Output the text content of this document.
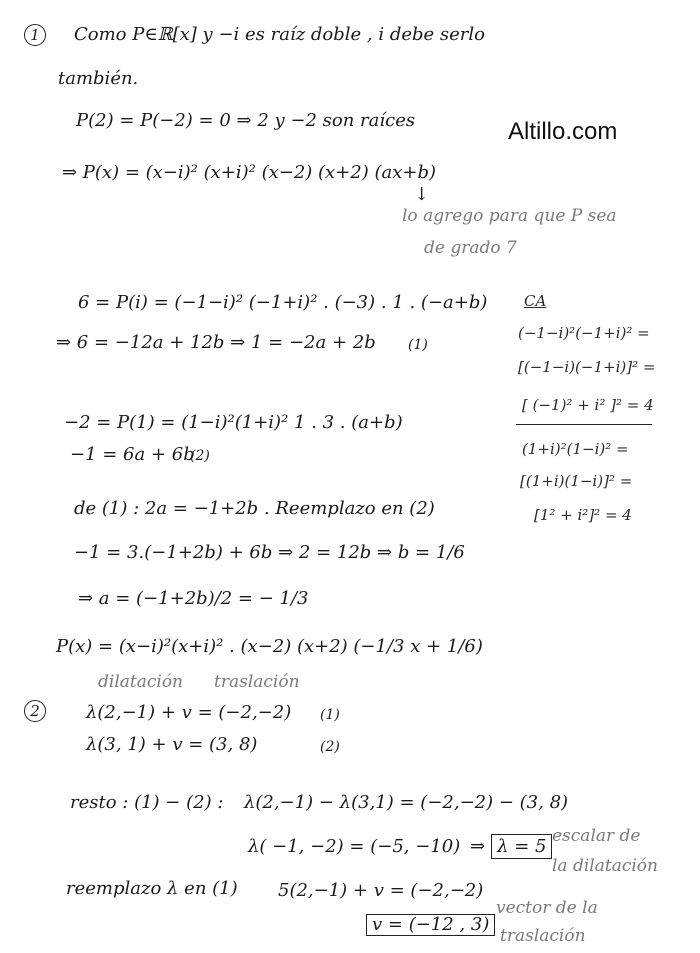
Altillo.com
1	Como P∈ℝ[x] y −i es raíz doble , i debe serlo
también.
P(2) = P(−2) = 0 ⇒ 2 y −2 son raíces
⇒ P(x) = (x−i)² (x+i)² (x−2) (x+2) (ax+b)
↓
lo agrego para que P sea
de grado 7
6 = P(i) = (−1−i)² (−1+i)² . (−3) . 1 . (−a+b)
⇒ 6 = −12a + 12b ⇒ 1 = −2a + 2b (1)
−2 = P(1) = (1−i)²(1+i)² 1 . 3 . (a+b)
−1 = 6a + 6b
(2)
de (1) : 2a = −1+2b . Reemplazo en (2)
−1 = 3.(−1+2b) + 6b ⇒ 2 = 12b ⇒ b = 1/6
⇒ a = (−1+2b)/2 = − 1/3
P(x) = (x−i)²(x+i)² . (x−2) (x+2) (−1/3 x + 1/6)
CA
(−1−i)²(−1+i)² =
[(−1−i)(−1+i)]² =
[ (−1)² + i² ]² = 4
(1+i)²(1−i)² =
[(1+i)(1−i)]² =
[1² + i²]² = 4
2
dilatación traslación
λ(2,−1) + v = (−2,−2) (1)
λ(3, 1) + v = (3, 8)	(2)
resto : (1) − (2) : λ(2,−1) − λ(3,1) = (−2,−2) − (3, 8)
λ( −1, −2) = (−5, −10) ⇒ λ = 5 escalar de
la dilatación
reemplazo λ en (1) 5(2,−1) + v = (−2,−2)
v = (−12 , 3)
vector de la
traslación
